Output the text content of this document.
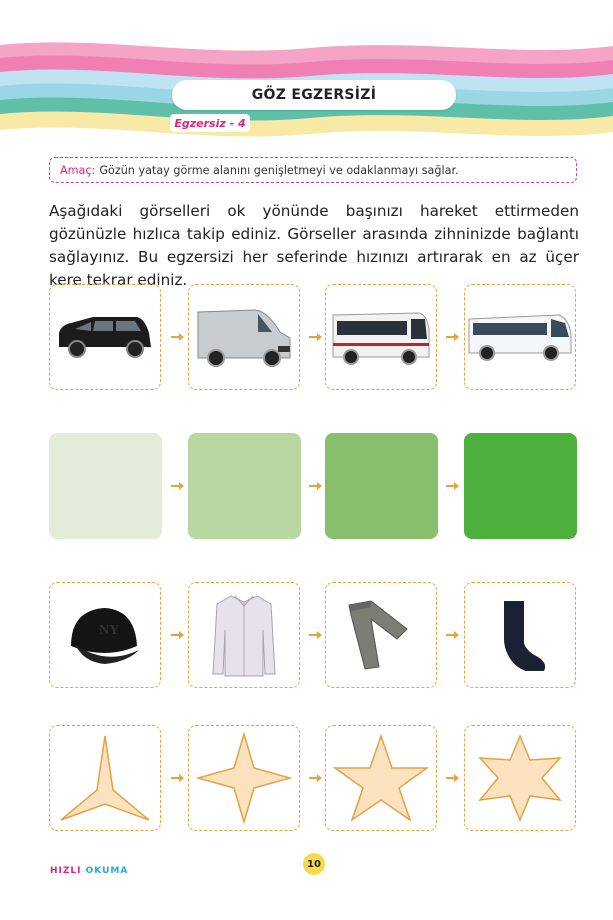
GÖZ EGZERSİZİ
Egzersiz - 4
Amaç: Gözün yatay görme alanını genişletmeyi ve odaklanmayı sağlar.

Aşağıdaki görselleri ok yönünde başınızı hareket ettirmeden gözünüzle hızlıca takip ediniz. Görseller arasında zihninizde bağlantı sağlayınız. Bu egzersizi her seferinde hızınızı artırarak en az üçer kere tekrar ediniz.

NY
HIZLI OKUMA
10
